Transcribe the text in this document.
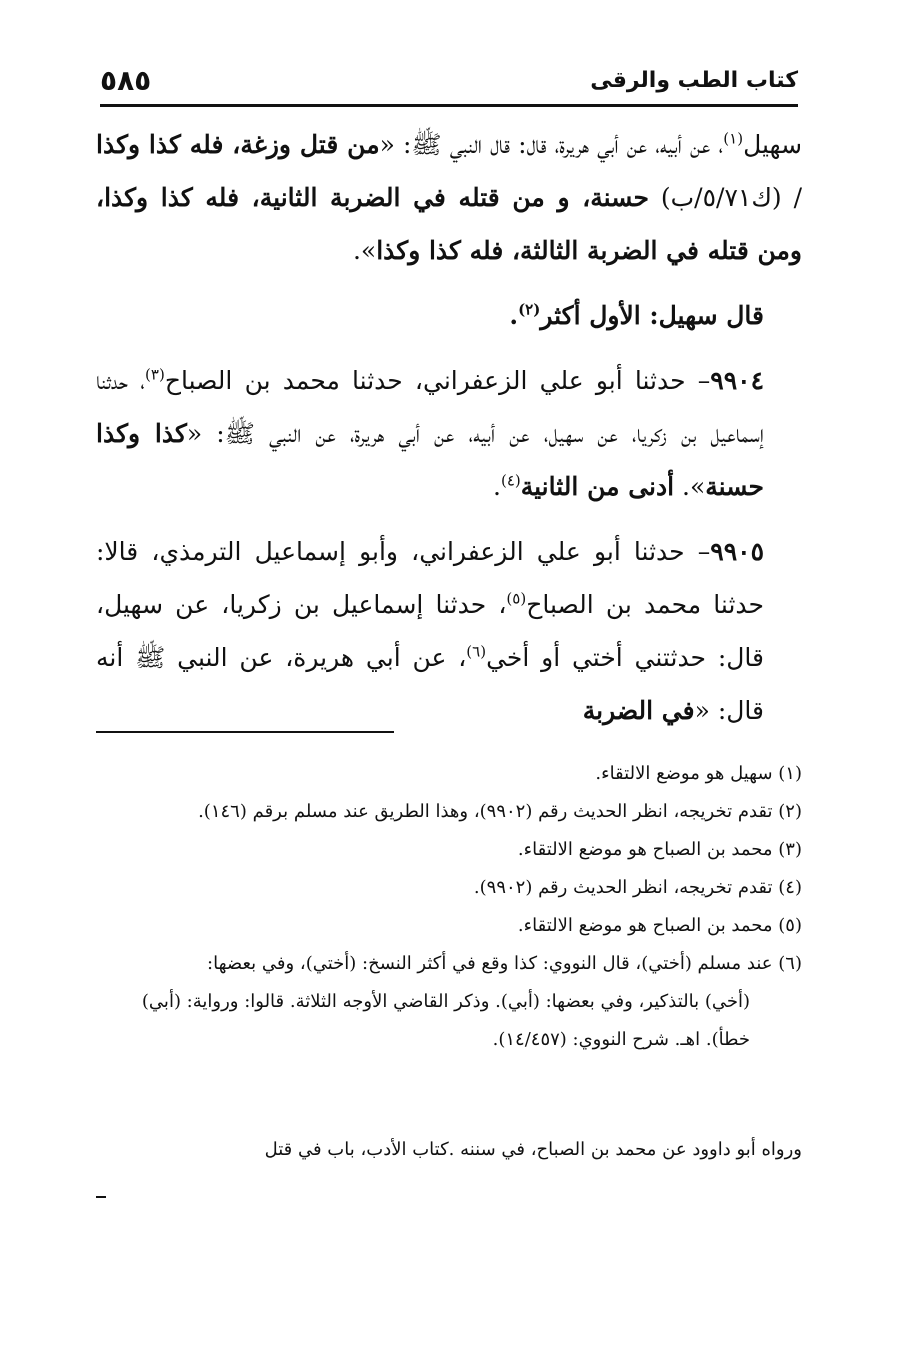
٥٨٥	كتاب الطب والرقى

سهيل$^{(١)}$، عن أبيه، عن أبي هريرة، قال: قال النبي ﷺ: «من قتل وزغة، فله كذا وكذا / (ك٥/٧١/ب) حسنة، و من قتله في الضربة الثانية، فله كذا وكذا، ومن قتله في الضربة الثالثة، فله كذا وكذا».

قال سهيل: الأول أكثر$^{(٢)}$.

٩٩٠٤– حدثنا أبو علي الزعفراني، حدثنا محمد بن الصباح$^{(٣)}$، حدثنا إسماعيل بن زكريا، عن سهيل، عن أبيه، عن أبي هريرة، عن النبي ﷺ: «كذا وكذا حسنة». أدنى من الثانية$^{(٤)}$.

٩٩٠٥– حدثنا أبو علي الزعفراني، وأبو إسماعيل الترمذي، قالا: حدثنا محمد بن الصباح$^{(٥)}$، حدثنا إسماعيل بن زكريا، عن سهيل، قال: حدثتني أختي أو أخي$^{(٦)}$، عن أبي هريرة، عن النبي ﷺ أنه قال: «في الضربة

(١) سهيل هو موضع الالتقاء.

(٢) تقدم تخريجه، انظر الحديث رقم (٩٩٠٢)، وهذا الطريق عند مسلم برقم (١٤٦).

(٣) محمد بن الصباح هو موضع الالتقاء.

(٤) تقدم تخريجه، انظر الحديث رقم (٩٩٠٢).

(٥) محمد بن الصباح هو موضع الالتقاء.

(٦) عند مسلم (أختي)، قال النووي: كذا وقع في أكثر النسخ: (أختي)، وفي بعضها:

(أخي) بالتذكير، وفي بعضها: (أبي). وذكر القاضي الأوجه الثلاثة. قالوا: ورواية: (أبي) خطأ). اهـ. شرح النووي: (١٤/٤٥٧).

ورواه أبو داوود عن محمد بن الصباح، في سننه .كتاب الأدب، باب في قتل
